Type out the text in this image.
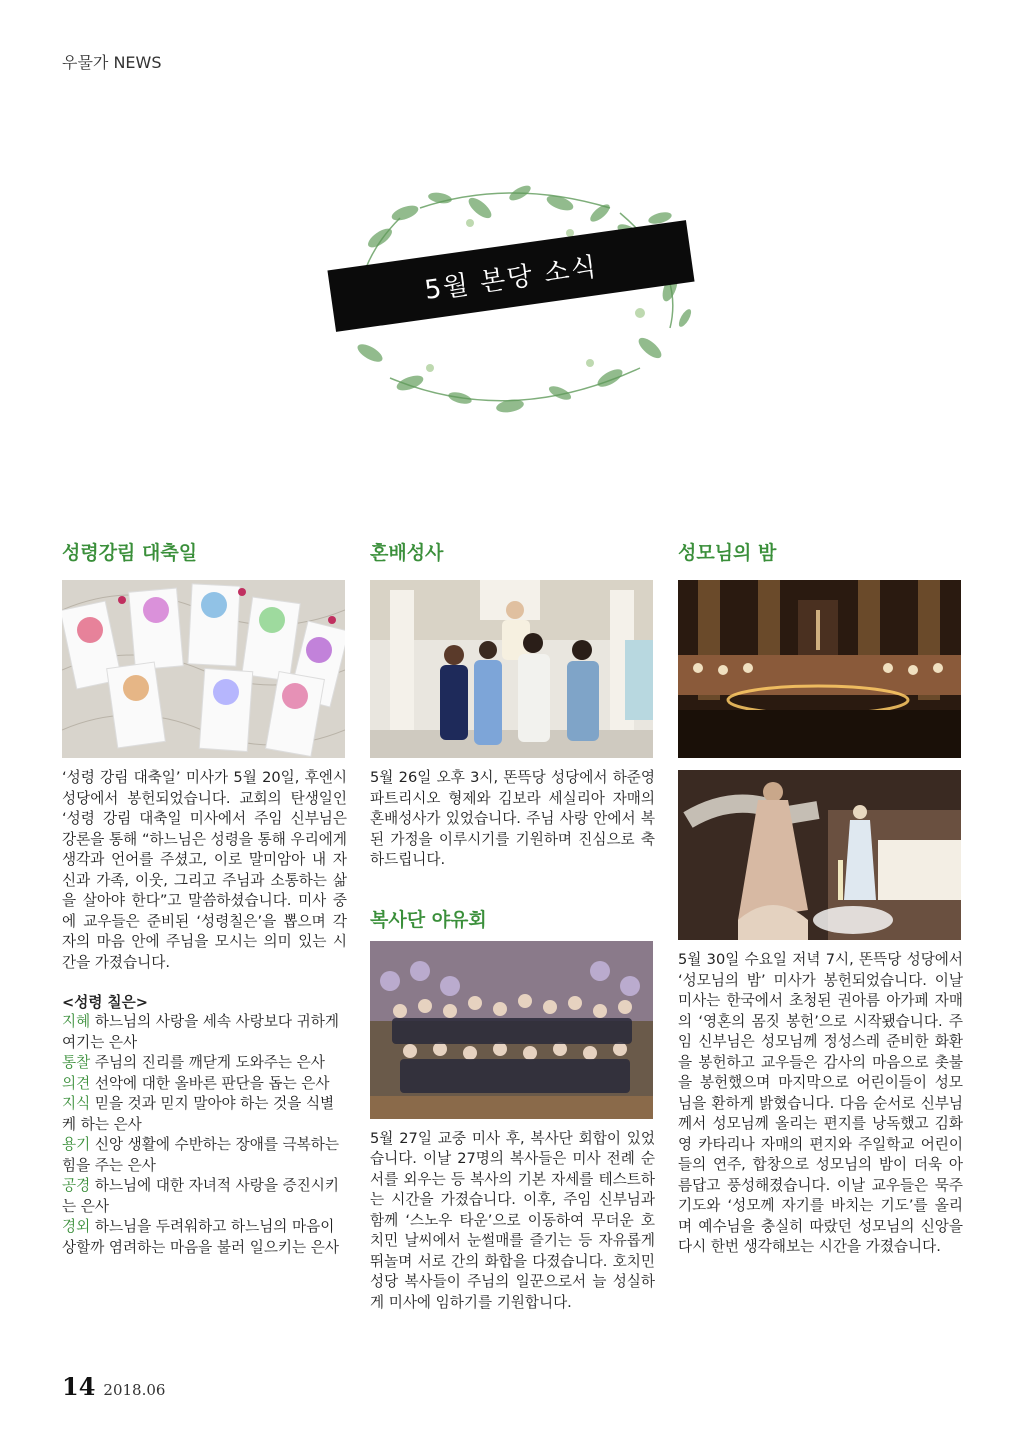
우물가 NEWS
5월 본당 소식
성령강림 대축일
‘성령 강림 대축일’ 미사가 5월 20일, 후엔시 성당에서 봉헌되었습니다. 교회의 탄생일인 ‘성령 강림 대축일 미사에서 주임 신부님은 강론을 통해 “하느님은 성령을 통해 우리에게 생각과 언어를 주셨고, 이로 말미암아 내 자신과 가족, 이웃, 그리고 주님과 소통하는 삶을 살아야 한다”고 말씀하셨습니다. 미사 중에 교우들은 준비된 ‘성령칠은’을 뽑으며 각자의 마음 안에 주님을 모시는 의미 있는 시간을 가졌습니다.
<성령 칠은>
지혜 하느님의 사랑을 세속 사랑보다 귀하게 여기는 은사
통찰 주님의 진리를 깨닫게 도와주는 은사
의견 선악에 대한 올바른 판단을 돕는 은사
지식 믿을 것과 믿지 말아야 하는 것을 식별케 하는 은사
용기 신앙 생활에 수반하는 장애를 극복하는 힘을 주는 은사
공경 하느님에 대한 자녀적 사랑을 증진시키는 은사
경외 하느님을 두려워하고 하느님의 마음이 상할까 염려하는 마음을 불러 일으키는 은사
혼배성사
5월 26일 오후 3시, 똔뜩당 성당에서 하준영 파트리시오 형제와 김보라 세실리아 자매의 혼배성사가 있었습니다. 주님 사랑 안에서 복된 가정을 이루시기를 기원하며 진심으로 축하드립니다.
복사단 야유회
5월 27일 교중 미사 후, 복사단 회합이 있었습니다. 이날 27명의 복사들은 미사 전례 순서를 외우는 등 복사의 기본 자세를 테스트하는 시간을 가졌습니다. 이후, 주임 신부님과 함께 ‘스노우 타운’으로 이동하여 무더운 호치민 날씨에서 눈썰매를 즐기는 등 자유롭게 뛰놀며 서로 간의 화합을 다졌습니다. 호치민 성당 복사들이 주님의 일꾼으로서 늘 성실하게 미사에 임하기를 기원합니다.
성모님의 밤
5월 30일 수요일 저녁 7시, 똔뜩당 성당에서 ‘성모님의 밤’ 미사가 봉헌되었습니다. 이날 미사는 한국에서 초청된 권아름 아가페 자매의 ‘영혼의 몸짓 봉헌’으로 시작됐습니다. 주임 신부님은 성모님께 정성스레 준비한 화환을 봉헌하고 교우들은 감사의 마음으로 촛불을 봉헌했으며 마지막으로 어린이들이 성모님을 환하게 밝혔습니다. 다음 순서로 신부님께서 성모님께 올리는 편지를 낭독했고 김화영 카타리나 자매의 편지와 주일학교 어린이들의 연주, 합창으로 성모님의 밤이 더욱 아름답고 풍성해졌습니다. 이날 교우들은 묵주기도와 ‘성모께 자기를 바치는 기도’를 올리며 예수님을 충실히 따랐던 성모님의 신앙을 다시 한번 생각해보는 시간을 가졌습니다.
14 2018.06
